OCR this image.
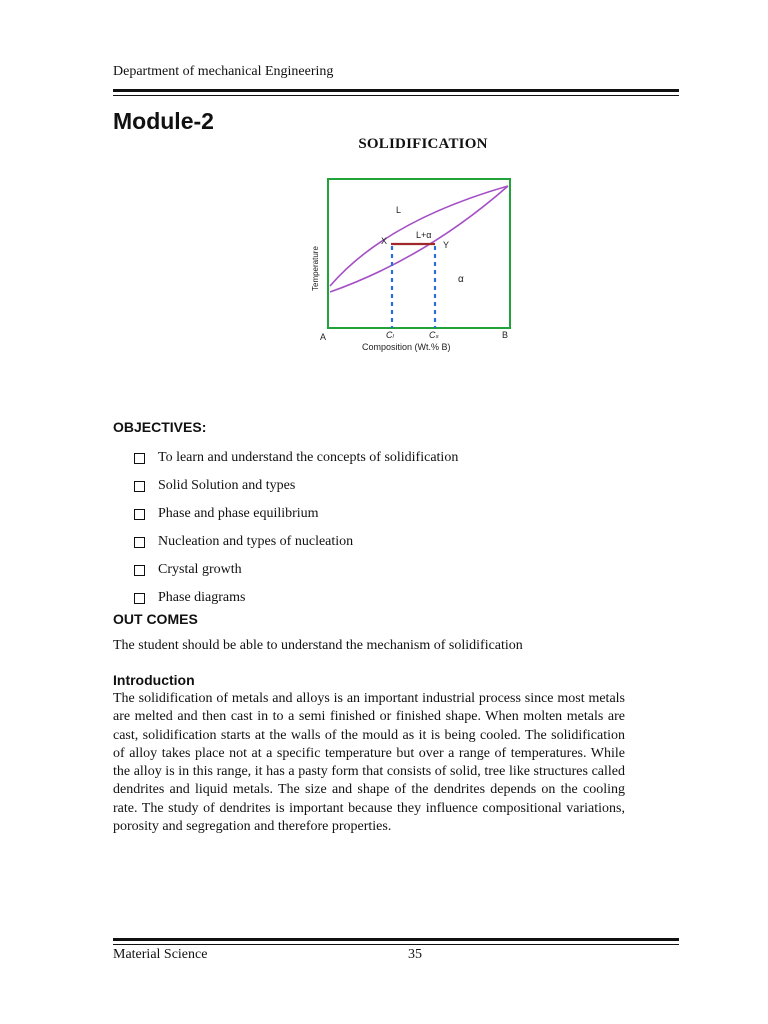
Department of mechanical Engineering
Module-2
SOLIDIFICATION
L
L+α
α
X	Y
A	B
Cₗ	Cₛ
Composition (Wt.% B)
Temperature
OBJECTIVES:
To learn and understand the concepts of solidification
Solid Solution and types
Phase and phase equilibrium
Nucleation and types of nucleation
Crystal growth
Phase diagrams
OUT COMES
The student should be able to understand the mechanism of solidification
Introduction

The solidification of metals and alloys is an important industrial process since most metals are melted and then cast in to a semi finished or finished shape. When molten metals are cast, solidification starts at the walls of the mould as it is being cooled. The solidification of alloy takes place not at a specific temperature but over a range of temperatures. While the alloy is in this range, it has a pasty form that consists of solid, tree like structures called dendrites and liquid metals. The size and shape of the dendrites depends on the cooling rate. The study of dendrites is important because they influence compositional variations, porosity and segregation and therefore properties.

Material Science	35
